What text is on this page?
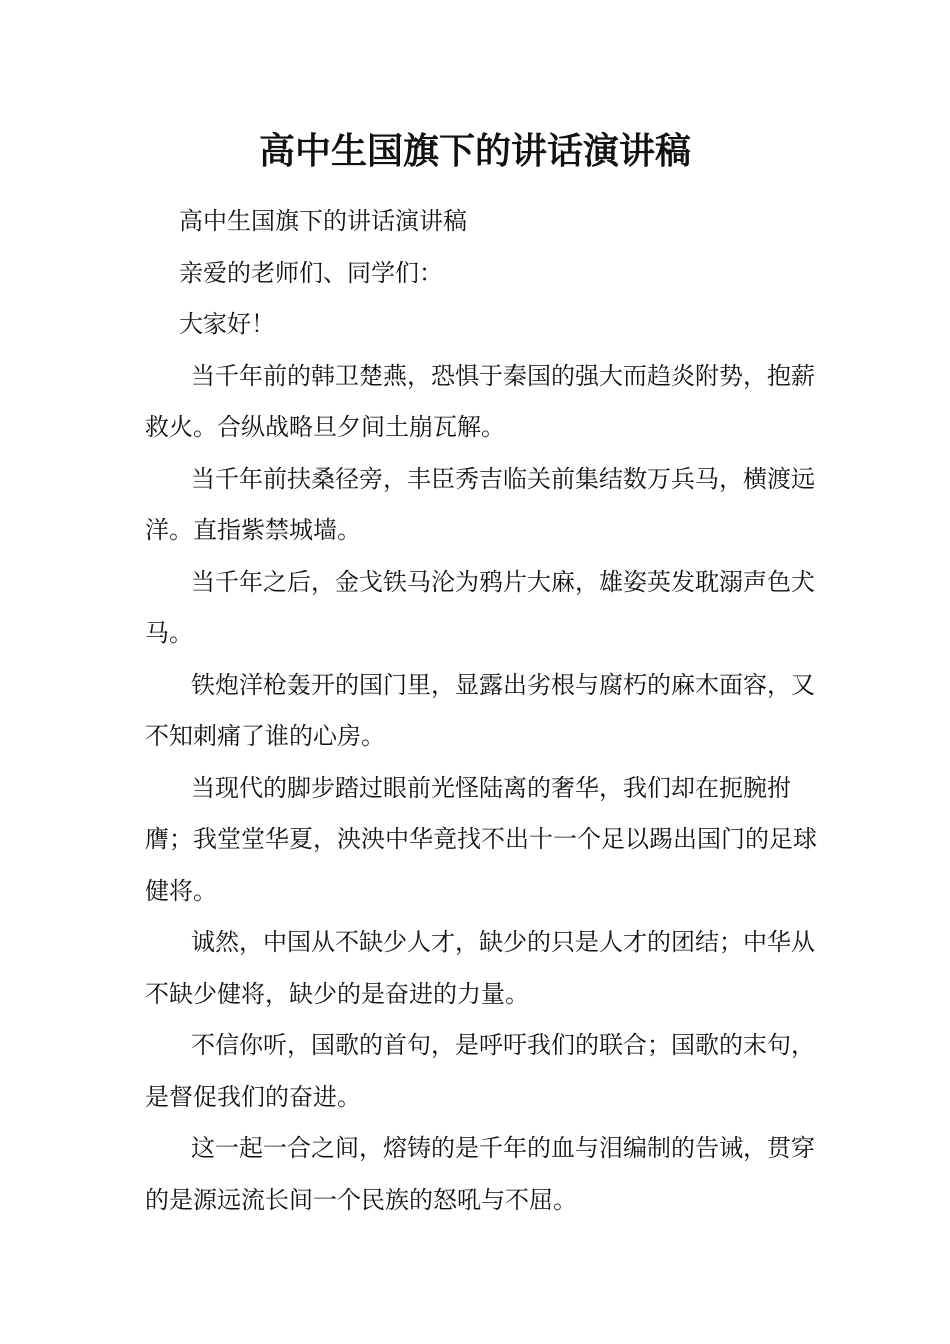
高中生国旗下的讲话演讲稿

高中生国旗下的讲话演讲稿

亲爱的老师们、同学们：

大家好！

当千年前的韩卫楚燕，恐惧于秦国的强大而趋炎附势，抱薪救火。合纵战略旦夕间土崩瓦解。

当千年前扶桑径旁，丰臣秀吉临关前集结数万兵马，横渡远洋。直指紫禁城墙。

当千年之后，金戈铁马沦为鸦片大麻，雄姿英发耽溺声色犬马。

铁炮洋枪轰开的国门里，显露出劣根与腐朽的麻木面容，又不知刺痛了谁的心房。

当现代的脚步踏过眼前光怪陆离的奢华，我们却在扼腕拊膺；我堂堂华夏，泱泱中华竟找不出十一个足以踢出国门的足球健将。

诚然，中国从不缺少人才，缺少的只是人才的团结；中华从不缺少健将，缺少的是奋进的力量。

不信你听，国歌的首句，是呼吁我们的联合；国歌的末句，是督促我们的奋进。

这一起一合之间，熔铸的是千年的血与泪编制的告诫，贯穿的是源远流长间一个民族的怒吼与不屈。
